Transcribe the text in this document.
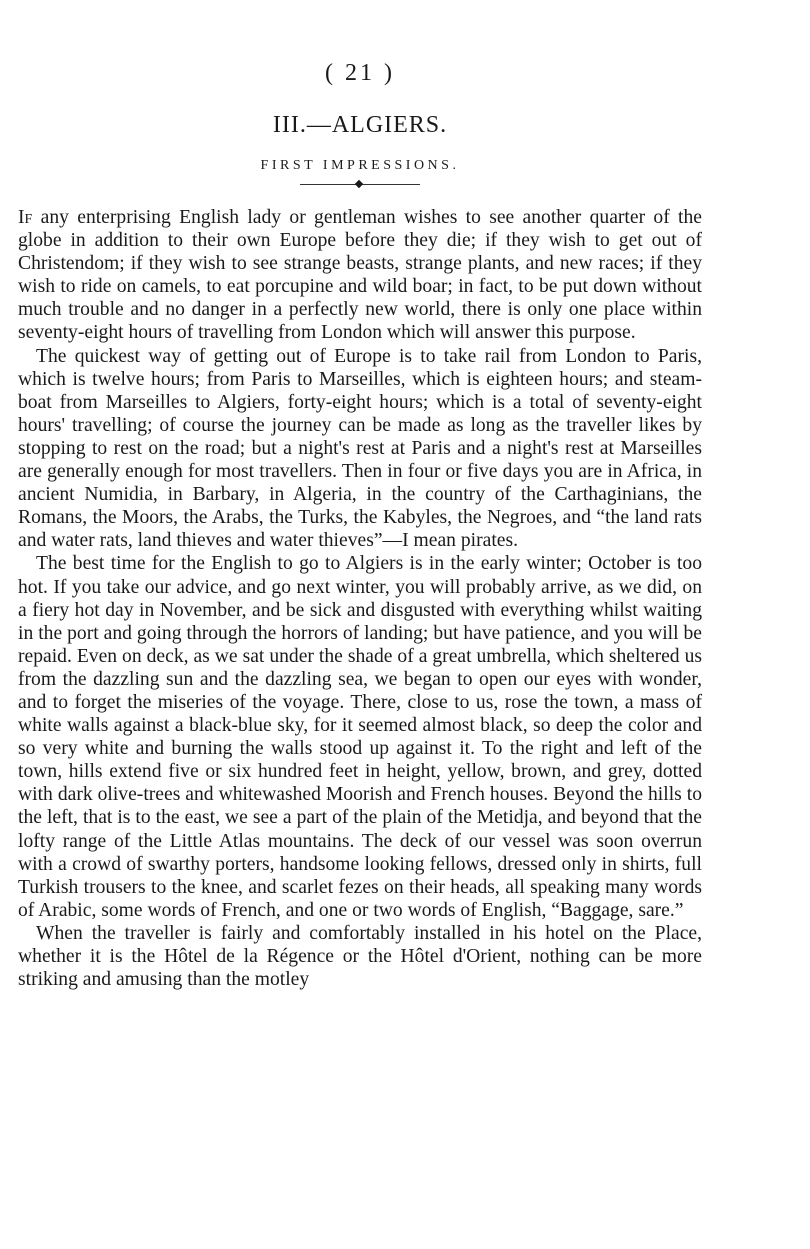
( 21 )
III.—ALGIERS.
FIRST IMPRESSIONS.

If any enterprising English lady or gentleman wishes to see another quarter of the globe in addition to their own Europe before they die; if they wish to get out of Christendom; if they wish to see strange beasts, strange plants, and new races; if they wish to ride on camels, to eat porcupine and wild boar; in fact, to be put down without much trouble and no danger in a perfectly new world, there is only one place within seventy-eight hours of travelling from London which will answer this purpose.

The quickest way of getting out of Europe is to take rail from London to Paris, which is twelve hours; from Paris to Marseilles, which is eighteen hours; and steam-boat from Marseilles to Algiers, forty-eight hours; which is a total of seventy-eight hours' travelling; of course the journey can be made as long as the traveller likes by stopping to rest on the road; but a night's rest at Paris and a night's rest at Marseilles are generally enough for most travellers. Then in four or five days you are in Africa, in ancient Numidia, in Barbary, in Algeria, in the country of the Carthaginians, the Romans, the Moors, the Arabs, the Turks, the Kabyles, the Negroes, and “the land rats and water rats, land thieves and water thieves”—I mean pirates.

The best time for the English to go to Algiers is in the early winter; October is too hot. If you take our advice, and go next winter, you will probably arrive, as we did, on a fiery hot day in November, and be sick and disgusted with everything whilst waiting in the port and going through the horrors of landing; but have patience, and you will be repaid. Even on deck, as we sat under the shade of a great umbrella, which sheltered us from the dazzling sun and the dazzling sea, we began to open our eyes with wonder, and to forget the miseries of the voyage. There, close to us, rose the town, a mass of white walls against a black-blue sky, for it seemed almost black, so deep the color and so very white and burning the walls stood up against it. To the right and left of the town, hills extend five or six hundred feet in height, yellow, brown, and grey, dotted with dark olive-trees and whitewashed Moorish and French houses. Beyond the hills to the left, that is to the east, we see a part of the plain of the Metidja, and beyond that the lofty range of the Little Atlas mountains. The deck of our vessel was soon overrun with a crowd of swarthy porters, handsome looking fellows, dressed only in shirts, full Turkish trousers to the knee, and scarlet fezes on their heads, all speaking many words of Arabic, some words of French, and one or two words of English, “Baggage, sare.”

When the traveller is fairly and comfortably installed in his hotel on the Place, whether it is the Hôtel de la Régence or the Hôtel d'Orient, nothing can be more striking and amusing than the motley
